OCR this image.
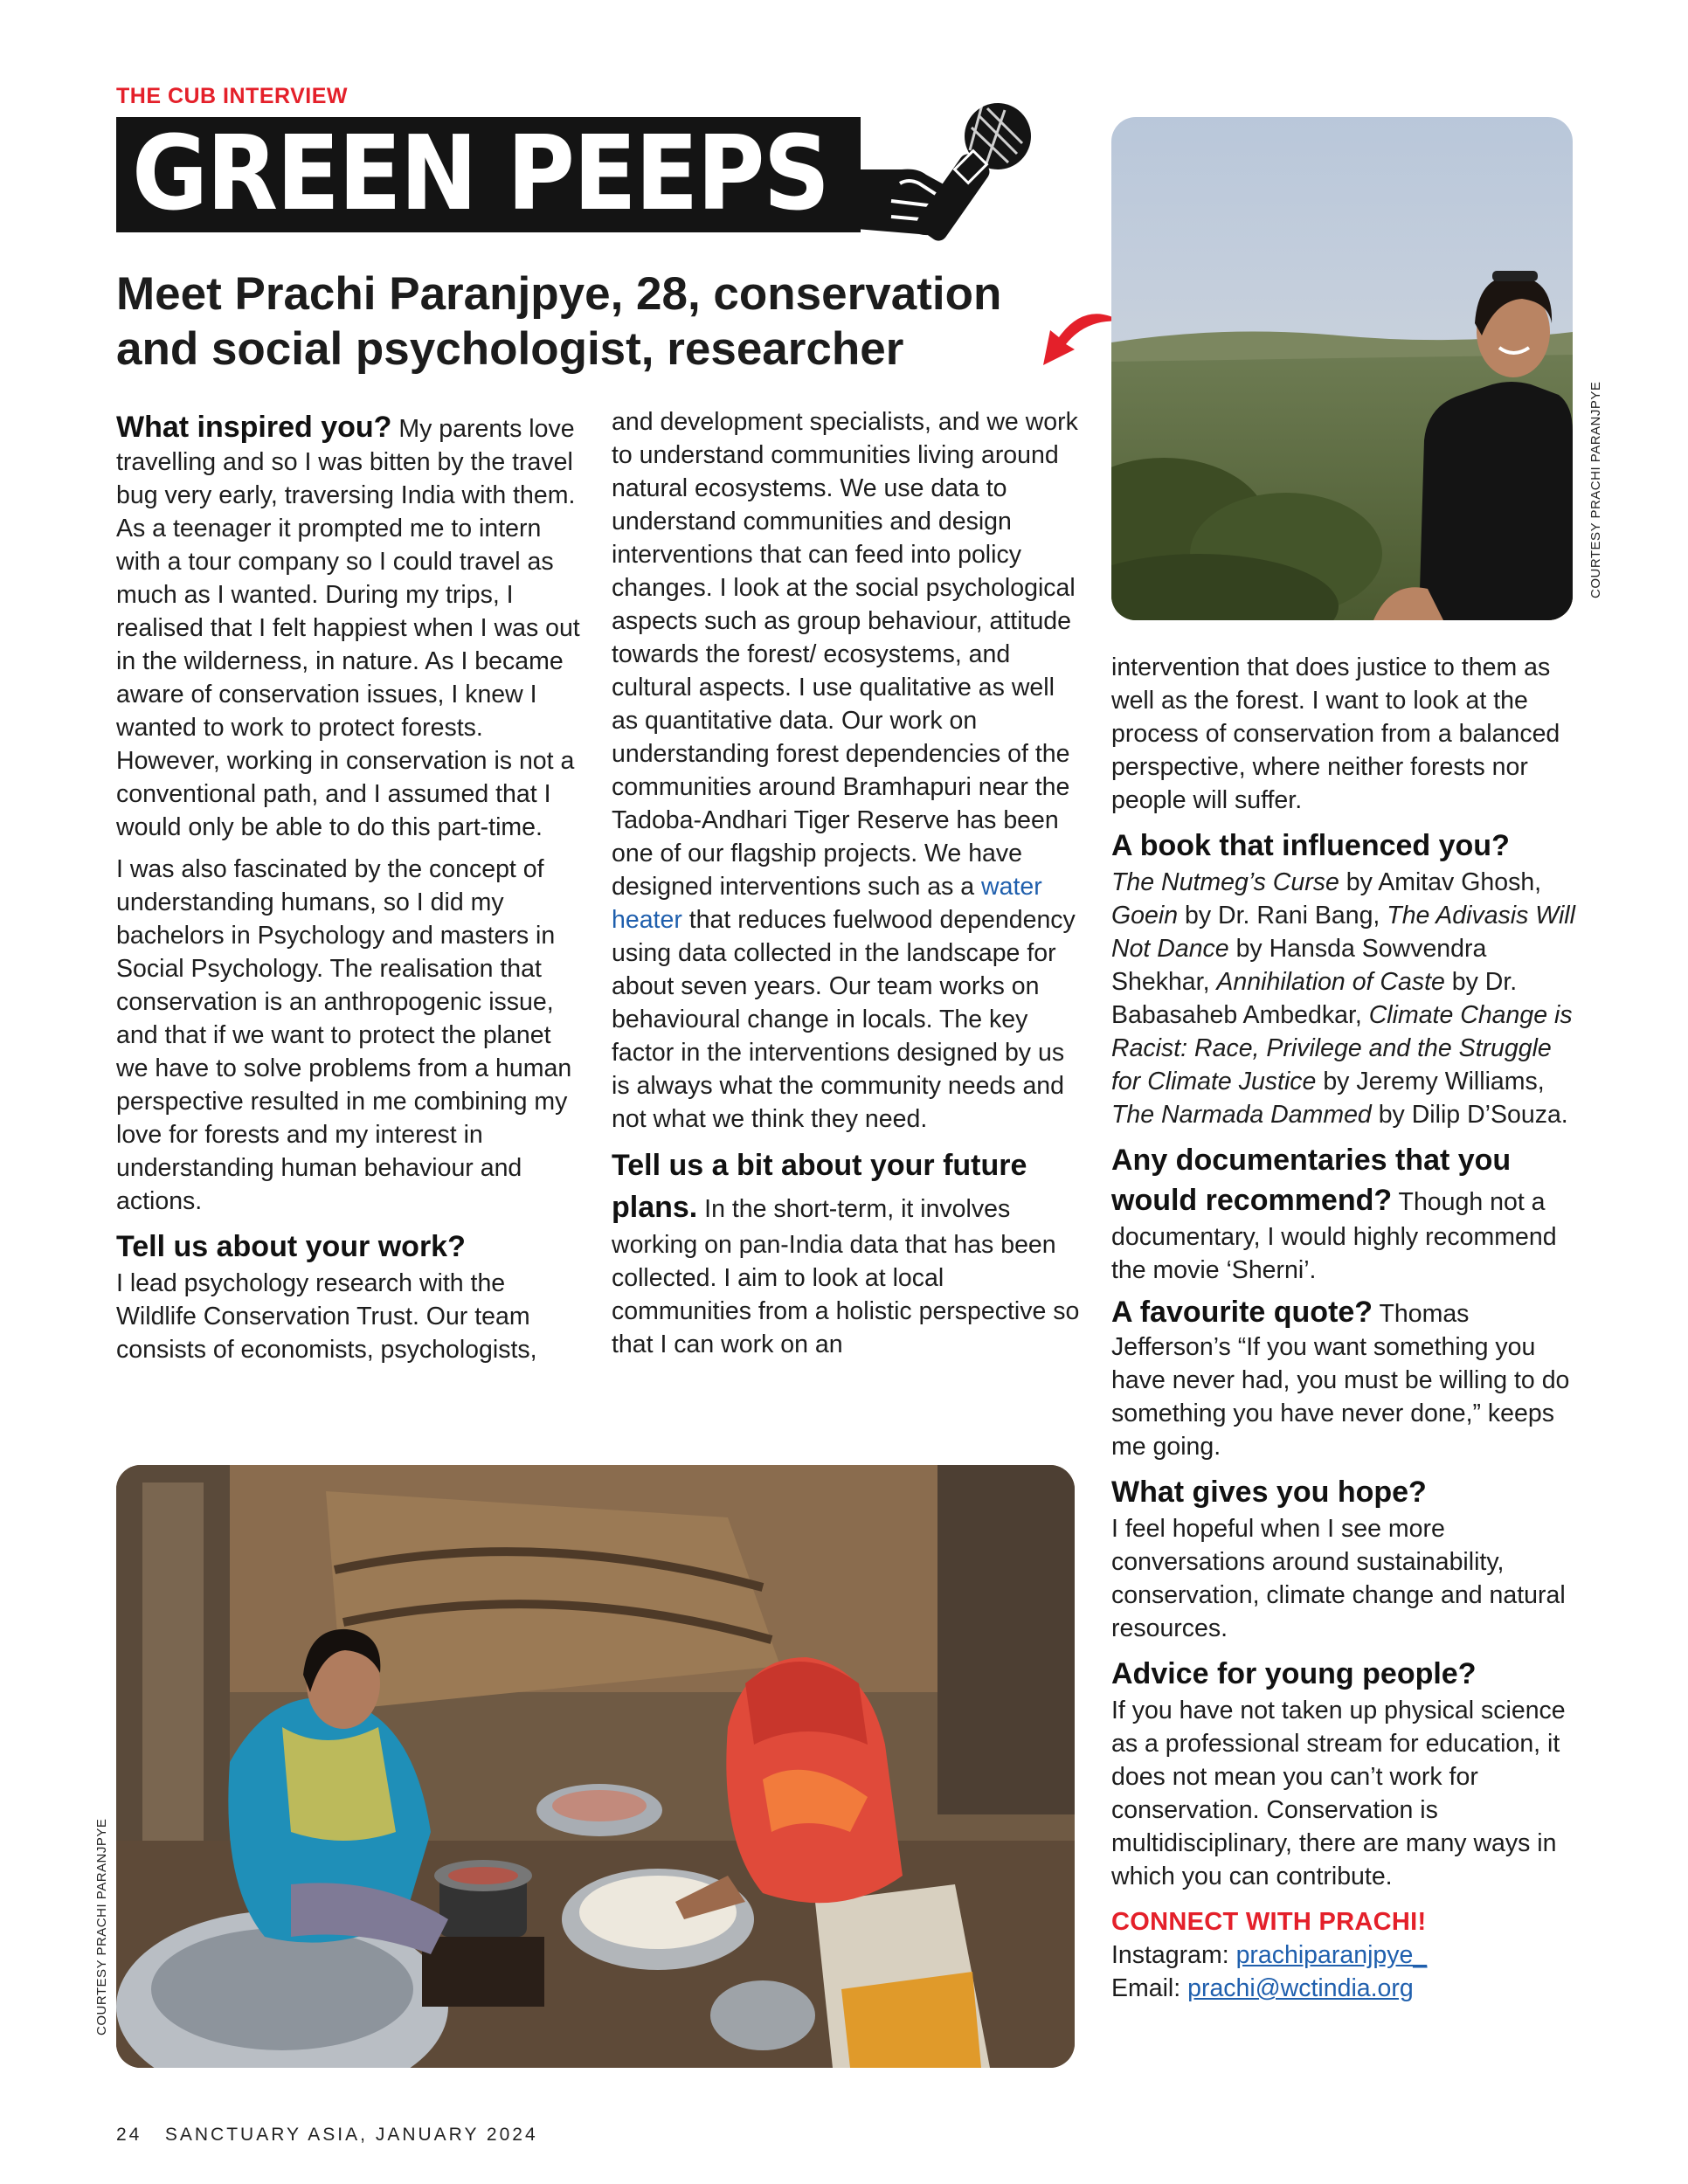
THE CUB INTERVIEW
GREEN PEEPS
Meet Prachi Paranjpye, 28, conservation and social psychologist, researcher
COURTESY PRACHI PARANJPYE

What inspired you? My parents love travelling and so I was bitten by the travel bug very early, traversing India with them. As a teenager it prompted me to intern with a tour company so I could travel as much as I wanted. During my trips, I realised that I felt happiest when I was out in the wilderness, in nature. As I became aware of conservation issues, I knew I wanted to work to protect forests. However, working in conservation is not a conventional path, and I assumed that I would only be able to do this part-time.

I was also fascinated by the concept of understanding humans, so I did my bachelors in Psychology and masters in Social Psychology. The realisation that conservation is an anthropogenic issue, and that if we want to protect the planet we have to solve problems from a human perspective resulted in me combining my love for forests and my interest in understanding human behaviour and actions.

Tell us about your work?

I lead psychology research with the Wildlife Conservation Trust. Our team consists of economists, psychologists,

and development specialists, and we work to understand communities living around natural ecosystems. We use data to understand communities and design interventions that can feed into policy changes. I look at the social psychological aspects such as group behaviour, attitude towards the forest/ ecosystems, and cultural aspects. I use qualitative as well as quantitative data. Our work on understanding forest dependencies of the communities around Bramhapuri near the Tadoba-Andhari Tiger Reserve has been one of our flagship projects. We have designed interventions such as a water heater that reduces fuelwood dependency using data collected in the landscape for about seven years. Our team works on behavioural change in locals. The key factor in the interventions designed by us is always what the community needs and not what we think they need.

Tell us a bit about your future plans. In the short-term, it involves working on pan-India data that has been collected. I aim to look at local communities from a holistic perspective so that I can work on an

intervention that does justice to them as well as the forest. I want to look at the process of conservation from a balanced perspective, where neither forests nor people will suffer.

A book that influenced you?

The Nutmeg’s Curse by Amitav Ghosh, Goein by Dr. Rani Bang, The Adivasis Will Not Dance by Hansda Sowvendra Shekhar, Annihilation of Caste by Dr. Babasaheb Ambedkar, Climate Change is Racist: Race, Privilege and the Struggle for Climate Justice by Jeremy Williams, The Narmada Dammed by Dilip D’Souza.

Any documentaries that you would recommend? Though not a documentary, I would highly recommend the movie ‘Sherni’.

A favourite quote? Thomas Jefferson’s “If you want something you have never had, you must be willing to do something you have never done,” keeps me going.

What gives you hope?

I feel hopeful when I see more conversations around sustainability, conservation, climate change and natural resources.

Advice for young people?

If you have not taken up physical science as a professional stream for education, it does not mean you can’t work for conservation. Conservation is multidisciplinary, there are many ways in which you can contribute.

CONNECT WITH PRACHI!
Instagram: prachiparanjpye_
Email: prachi@wctindia.org
COURTESY PRACHI PARANJPYE
24   SANCTUARY ASIA, JANUARY 2024
